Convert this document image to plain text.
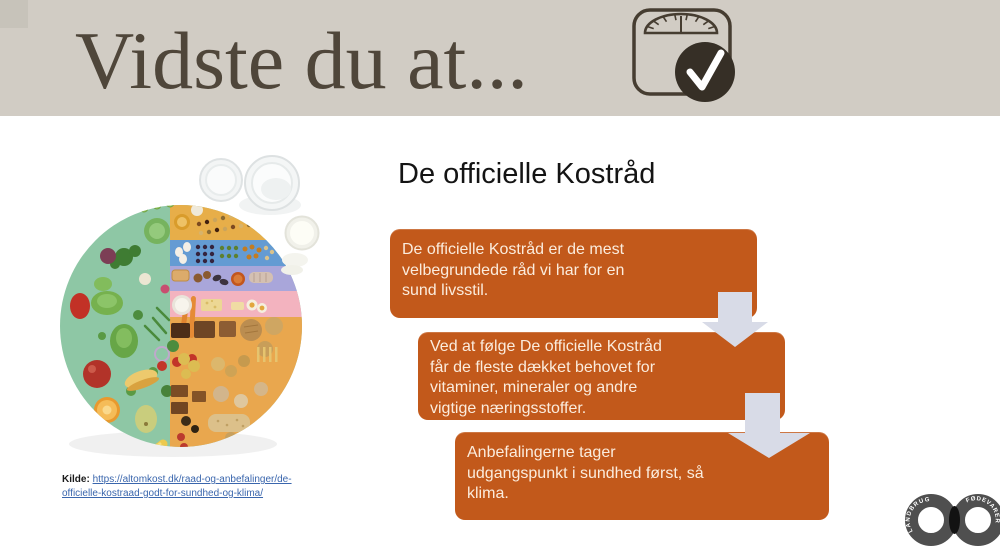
Vidste du at...
De officielle Kostråd

De officielle Kostråd er de mest velbegrundede råd vi har for en sund livsstil.

Ved at følge De officielle Kostråd får de fleste dækket behovet for vitaminer, mineraler og andre vigtige næringsstoffer.

Anbefalingerne tager udgangspunkt i sundhed først, så klima.

Kilde: https://altomkost.dk/raad-og-anbefalinger/de-officielle-kostraad-godt-for-sundhed-og-klima/

LANDBRUG	FØDEVARER
